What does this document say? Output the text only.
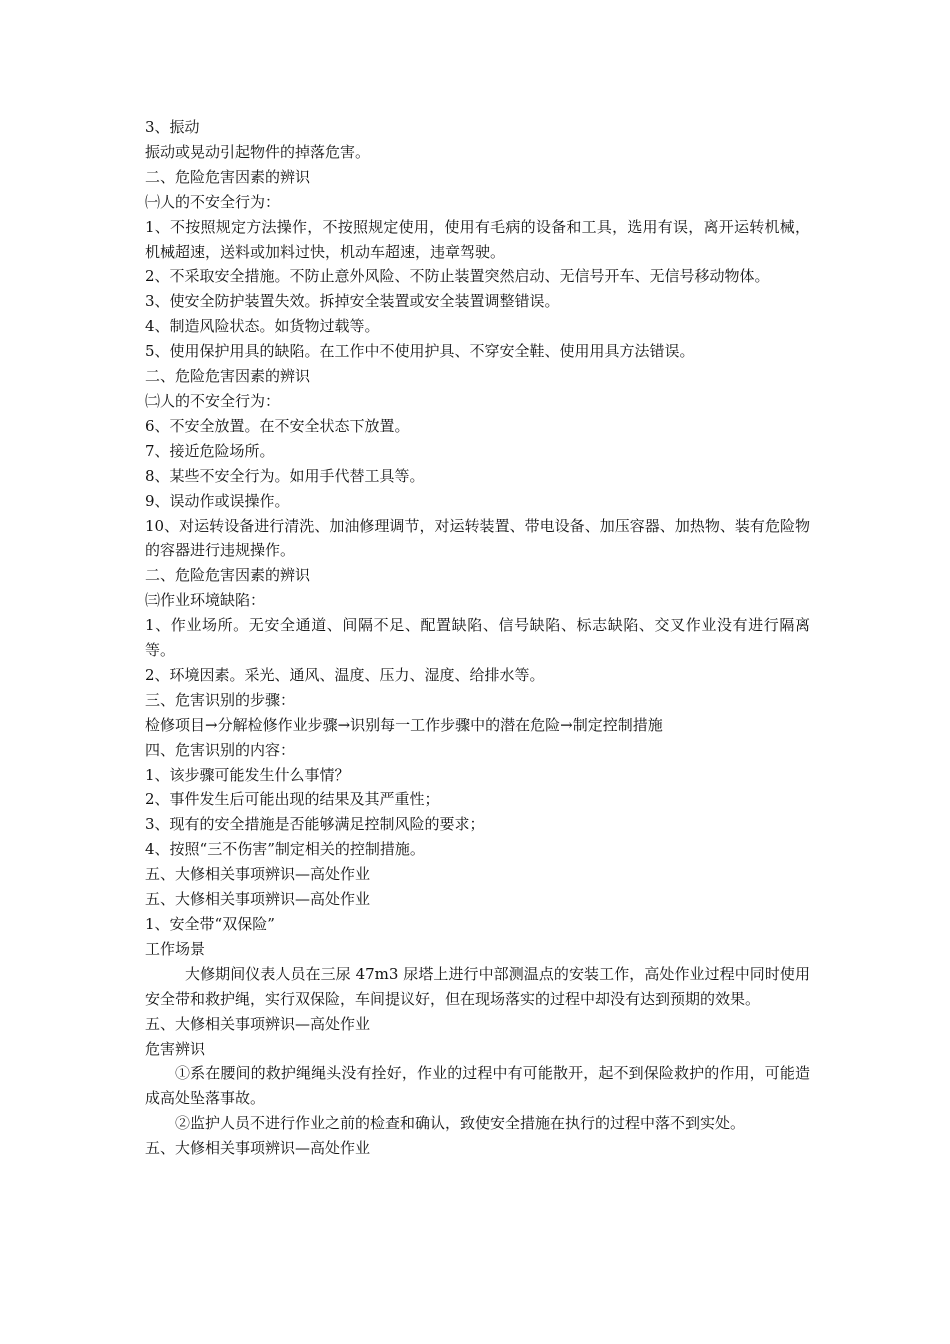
3、振动

振动或晃动引起物件的掉落危害。

二、危险危害因素的辨识

㈠人的不安全行为：

1、不按照规定方法操作，不按照规定使用，使用有毛病的设备和工具，选用有误，离开运转机械，机械超速，送料或加料过快，机动车超速，违章驾驶。

2、不采取安全措施。不防止意外风险、不防止装置突然启动、无信号开车、无信号移动物体。

3、使安全防护装置失效。拆掉安全装置或安全装置调整错误。

4、制造风险状态。如货物过载等。

5、使用保护用具的缺陷。在工作中不使用护具、不穿安全鞋、使用用具方法错误。

二、危险危害因素的辨识

㈡人的不安全行为：

6、不安全放置。在不安全状态下放置。

7、接近危险场所。

8、某些不安全行为。如用手代替工具等。

9、误动作或误操作。

10、对运转设备进行清洗、加油修理调节，对运转装置、带电设备、加压容器、加热物、装有危险物的容器进行违规操作。

二、危险危害因素的辨识

㈢作业环境缺陷：

1、作业场所。无安全通道、间隔不足、配置缺陷、信号缺陷、标志缺陷、交叉作业没有进行隔离等。

2、环境因素。采光、通风、温度、压力、湿度、给排水等。

三、危害识别的步骤：

检修项目→分解检修作业步骤→识别每一工作步骤中的潜在危险→制定控制措施

四、危害识别的内容：

1、该步骤可能发生什么事情？

2、事件发生后可能出现的结果及其严重性；

3、现有的安全措施是否能够满足控制风险的要求；

4、按照“三不伤害”制定相关的控制措施。

五、大修相关事项辨识—高处作业

五、大修相关事项辨识—高处作业

1、安全带“双保险”

工作场景

大修期间仪表人员在三尿 47m3 尿塔上进行中部测温点的安装工作，高处作业过程中同时使用安全带和救护绳，实行双保险，车间提议好，但在现场落实的过程中却没有达到预期的效果。

五、大修相关事项辨识—高处作业

危害辨识

①系在腰间的救护绳绳头没有拴好，作业的过程中有可能散开，起不到保险救护的作用，可能造成高处坠落事故。

②监护人员不进行作业之前的检查和确认，致使安全措施在执行的过程中落不到实处。

五、大修相关事项辨识—高处作业
